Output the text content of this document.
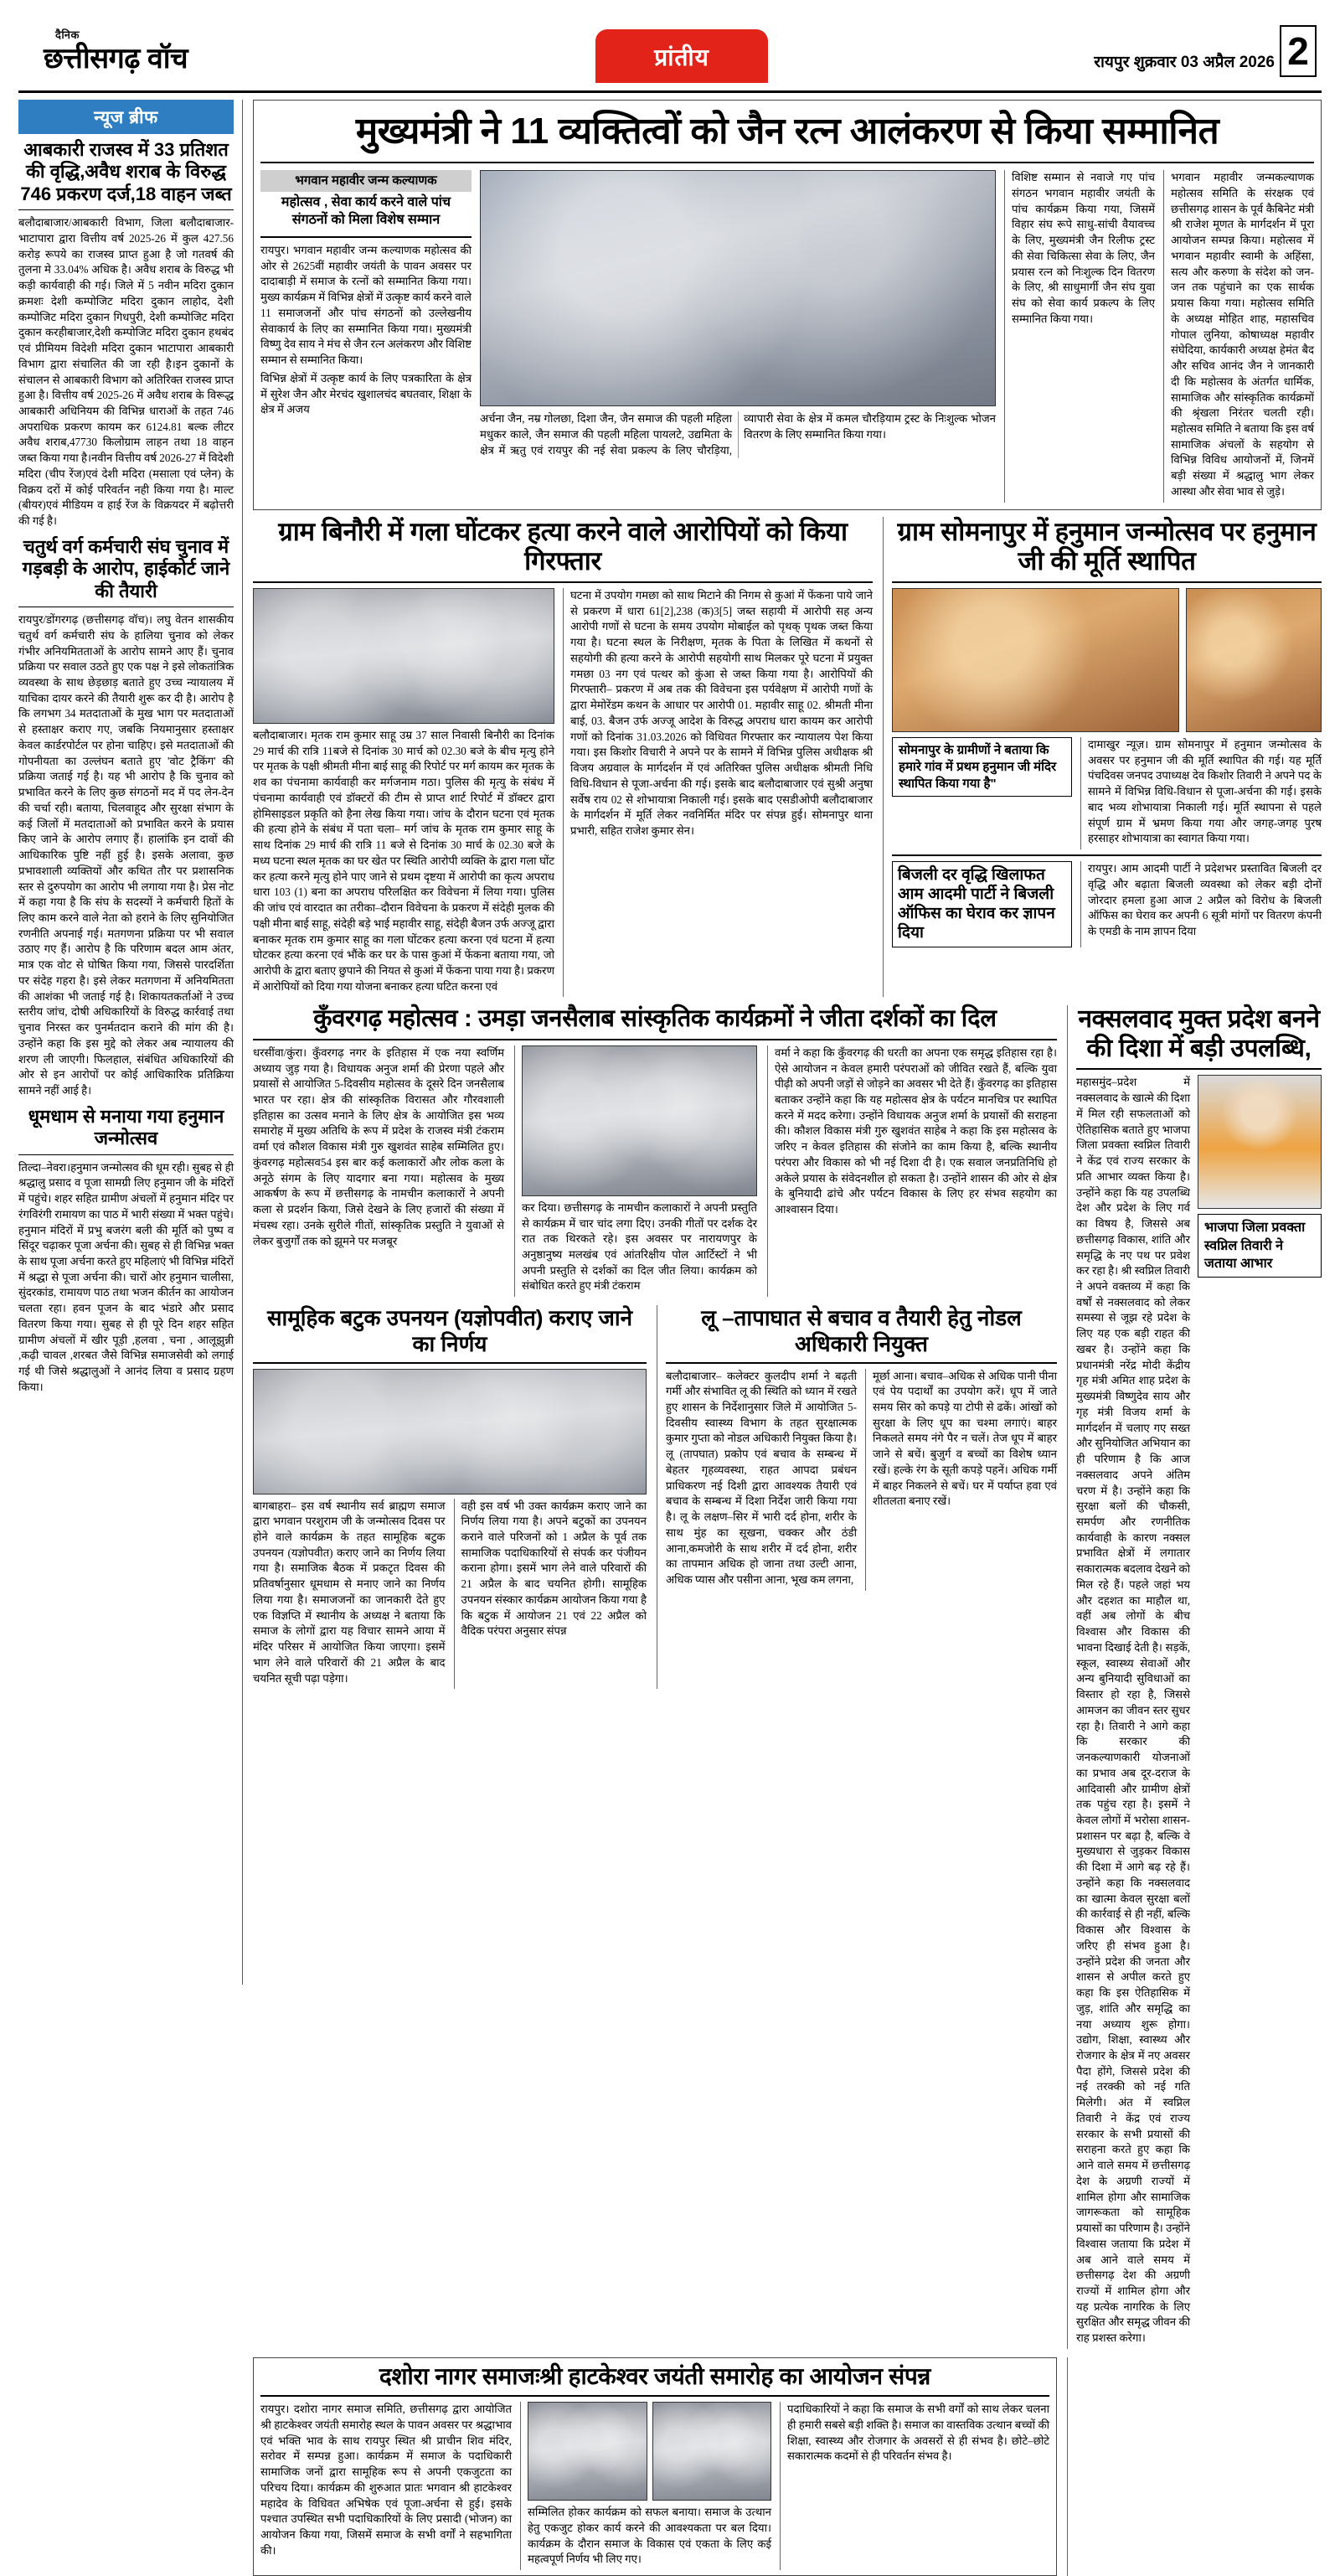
दैनिक
छत्तीसगढ़ वॉच	प्रांतीय	रायपुर शुक्रवार 03 अप्रैल 2026 2
न्यूज ब्रीफ
आबकारी राजस्व में 33 प्रतिशत की वृद्धि,अवैध शराब के विरुद्ध 746 प्रकरण दर्ज,18 वाहन जब्त

बलौदाबाजार/आबकारी विभाग, जिला बलौदाबाजार-भाटापारा द्वारा वित्तीय वर्ष 2025-26 में कुल 427.56 करोड़ रूपये का राजस्व प्राप्त हुआ है जो गतवर्ष की तुलना मे 33.04% अधिक है। अवैध शराब के विरुद्ध भी कड़ी कार्यवाही की गई। जिले में 5 नवीन मदिरा दुकान क्रमशः देशी कम्पोजिट मदिरा दुकान लाहोद, देशी कम्पोजिट मदिरा दुकान गिधपुरी, देशी कम्पोजिट मदिरा दुकान करहीबाजार,देशी कम्पोजिट मदिरा दुकान हथबंद एवं प्रीमियम विदेशी मदिरा दुकान भाटापारा आबकारी विभाग द्वारा संचालित की जा रही है।इन दुकानों के संचालन से आबकारी विभाग को अतिरिक्त राजस्व प्राप्त हुआ है। वित्तीय वर्ष 2025-26 में अवैध शराब के विरूद्ध आबकारी अधिनियम की विभिन्न धाराओं के तहत 746 अपराधिक प्रकरण कायम कर 6124.81 बल्क लीटर अवैध शराब,47730 किलोग्राम लाहन तथा 18 वाहन जब्त किया गया है।नवीन वित्तीय वर्ष 2026-27 में विदेशी मदिरा (चीप रेंज)एवं देशी मदिरा (मसाला एवं प्लेन) के विक्रय दरों में कोई परिवर्तन नही किया गया है। माल्ट (बीयर)एवं मीडियम व हाई रेंज के विक्रयदर में बढ़ोत्तरी की गई है।

चतुर्थ वर्ग कर्मचारी संघ चुनाव में गड़बड़ी के आरोप, हाईकोर्ट जाने की तैयारी

रायपुर/डोंगरगढ़ (छत्तीसगढ़ वॉच)। लघु वेतन शासकीय चतुर्थ वर्ग कर्मचारी संघ के हालिया चुनाव को लेकर गंभीर अनियमितताओं के आरोप सामने आए हैं। चुनाव प्रक्रिया पर सवाल उठते हुए एक पक्ष ने इसे लोकतांत्रिक व्यवस्था के साथ छेड़छाड़ बताते हुए उच्च न्यायालय में याचिका दायर करने की तैयारी शुरू कर दी है। आरोप है कि लगभग 34 मतदाताओं के मुख भाग पर मतदाताओं से हस्ताक्षर कराए गए, जबकि नियमानुसार हस्ताक्षर केवल कार्डरपोर्टल पर होना चाहिए। इसे मतदाताओं की गोपनीयता का उल्लंघन बताते हुए 'वोट ट्रैकिंग' की प्रक्रिया जताई गई है। यह भी आरोप है कि चुनाव को प्रभावित करने के लिए कुछ संगठनों मद में पद लेन-देन की चर्चा रही। बताया, चिलवाहूद और सुरक्षा संभाग के कई जिलों में मतदाताओं को प्रभावित करने के प्रयास किए जाने के आरोप लगाए हैं। हालांकि इन दावों की आधिकारिक पुष्टि नहीं हुई है। इसके अलावा, कुछ प्रभावशाली व्यक्तियों और कथित तौर पर प्रशासनिक स्तर से दुरुपयोग का आरोप भी लगाया गया है। प्रेस नोट में कहा गया है कि संघ के सदस्यों ने कर्मचारी हितों के लिए काम करने वाले नेता को हराने के लिए सुनियोजित रणनीति अपनाई गई। मतगणना प्रक्रिया पर भी सवाल उठाए गए हैं। आरोप है कि परिणाम बदल आम अंतर, मात्र एक वोट से घोषित किया गया, जिससे पारदर्शिता पर संदेह गहरा है। इसे लेकर मतगणना में अनियमितता की आशंका भी जताई गई है। शिकायतकर्ताओं ने उच्च स्तरीय जांच, दोषी अधिकारियों के विरुद्ध कार्रवाई तथा चुनाव निरस्त कर पुनर्मतदान कराने की मांग की है। उन्होंने कहा कि इस मुद्दे को लेकर अब न्यायालय की शरण ली जाएगी। फिलहाल, संबंधित अधिकारियों की ओर से इन आरोपों पर कोई आधिकारिक प्रतिक्रिया सामने नहीं आई है।

धूमधाम से मनाया गया हनुमान जन्मोत्सव

तिल्दा–नेवरा।हनुमान जन्मोत्सव की धूम रही। सुबह से ही श्रद्धालु प्रसाद व पूजा सामग्री लिए हनुमान जी के मंदिरों में पहुंचे। शहर सहित ग्रामीण अंचलों में हनुमान मंदिर पर रंगविरंगी रामायण का पाठ में भारी संख्या में भक्त पहुंचे। हनुमान मंदिरों में प्रभु बजरंग बली की मूर्ति को पुष्प व सिंदूर चढ़ाकर पूजा अर्चना की। सुबह से ही विभिन्न भक्त के साथ पूजा अर्चना करते हुए महिलाएं भी विभिन्न मंदिरों में श्रद्धा से पूजा अर्चना की। चारों ओर हनुमान चालीसा, सुंदरकांड, रामायण पाठ तथा भजन कीर्तन का आयोजन चलता रहा। हवन पूजन के बाद भंडारे और प्रसाद वितरण किया गया। सुबह से ही पूरे दिन शहर सहित ग्रामीण अंचलों में खीर पूड़ी ,हलवा , चना , आलूझुन्नी ,कढ़ी चावल ,शरबत जैसे विभिन्न समाजसेवी को लगाई गई थी जिसे श्रद्धालुओं ने आनंद लिया व प्रसाद ग्रहण किया।

मुख्यमंत्री ने 11 व्यक्तित्वों को जैन रत्न आलंकरण से किया सम्मानित
भगवान महावीर जन्म कल्याणक
महोत्सव , सेवा कार्य करने वाले पांच संगठनों को मिला विशेष सम्मान

रायपुर। भगवान महावीर जन्म कल्याणक महोत्सव की ओर से 2625वीं महावीर जयंती के पावन अवसर पर दादाबाड़ी में समाज के रत्नों को सम्मानित किया गया। मुख्य कार्यक्रम में विभिन्न क्षेत्रों में उत्कृष्ट कार्य करने वाले 11 समाजजनों और पांच संगठनों को उल्लेखनीय सेवाकार्य के लिए का सम्मानित किया गया। मुख्यमंत्री विष्णु देव साय ने मंच से जैन रत्न अलंकरण और विशिष्ट सम्मान से सम्मानित किया।

विभिन्न क्षेत्रों में उत्कृष्ट कार्य के लिए पत्रकारिता के क्षेत्र में सुरेश जैन और मेरचंद खुशालचंद बघतवार, शिक्षा के क्षेत्र में अजय

अर्चना जैन, नम्र गोलछा, दिशा जैन, जैन समाज की पहली महिला मधुकर काले, जैन समाज की पहली महिला पायलटे, उद्यमिता के क्षेत्र में ऋतु एवं रायपुर की नई सेवा प्रकल्प के लिए चौरड़िया, व्यापारी सेवा के क्षेत्र में कमल चौरड़ियाम ट्रस्ट के निःशुल्क भोजन वितरण के लिए सम्मानित किया गया।

विशिष्ट सम्मान से नवाजे गए पांच संगठन भगवान महावीर जयंती के पांच कार्यक्रम किया गया, जिसमें विहार संघ रूपे साधु-सांची वैयावच्च के लिए, मुख्यमंत्री जैन रिलीफ ट्रस्ट की सेवा चिकित्सा सेवा के लिए, जैन प्रयास रत्न को निःशुल्क दिन वितरण के लिए, श्री साधुमार्गी जैन संघ युवा संघ को सेवा कार्य प्रकल्प के लिए सम्मानित किया गया।

भगवान महावीर जन्मकल्याणक महोत्सव समिति के संरक्षक एवं छत्तीसगढ़ शासन के पूर्व कैबिनेट मंत्री श्री राजेश मूणत के मार्गदर्शन में पूरा आयोजन सम्पन्न किया। महोत्सव में भगवान महावीर स्वामी के अहिंसा, सत्य और करुणा के संदेश को जन-जन तक पहुंचाने का एक सार्थक प्रयास किया गया। महोत्सव समिति के अध्यक्ष मोहित शाह, महासचिव गोपाल लुनिया, कोषाध्यक्ष महावीर संघेदिया, कार्यकारी अध्यक्ष हेमंत बैद और सचिव आनंद जैन ने जानकारी दी कि महोत्सव के अंतर्गत धार्मिक, सामाजिक और सांस्कृतिक कार्यक्रमों की श्रृंखला निरंतर चलती रही। महोत्सव समिति ने बताया कि इस वर्ष सामाजिक अंचलों के सहयोग से विभिन्न विविध आयोजनों में, जिनमें बड़ी संख्या में श्रद्धालु भाग लेकर आस्था और सेवा भाव से जुड़े।

ग्राम बिनौरी में गला घोंटकर हत्या करने वाले आरोपियों को किया गिरफ्तार

बलौदाबाजार। मृतक राम कुमार साहू उम्र 37 साल निवासी बिनौरी का दिनांक 29 मार्च की रात्रि 11बजे से दिनांक 30 मार्च को 02.30 बजे के बीच मृत्यु होने पर मृतक के पक्षी श्रीमती मीना बाई साहू की रिपोर्ट पर मर्ग कायम कर मृतक के शव का पंचनामा कार्यवाही कर मर्गजनाम गठा। पुलिस की मृत्यु के संबंध में पंचनामा कार्यवाही एवं डॉक्टरों की टीम से प्राप्त शार्ट रिपोर्ट में डॉक्टर द्वारा होमिसाइडल प्रकृति को हैना लेख किया गया। जांच के दौरान घटना एवं मृतक की हत्या होने के संबंध में पता चला– मर्ग जांच के मृतक राम कुमार साहू के साथ दिनांक 29 मार्च की रात्रि 11 बजे से दिनांक 30 मार्च के 02.30 बजे के मध्य घटना स्थल मृतक का घर खेत पर स्थिति आरोपी व्यक्ति के द्वारा गला घोंट कर हत्या करने मृत्यु होने पाए जाने से प्रथम दृष्टया में आरोपी का कृत्य अपराध धारा 103 (1) बना का अपराध परिलक्षित कर विवेचना में लिया गया। पुलिस की जांच एवं वारदात का तरीका–दौरान विवेचना के प्रकरण में संदेही मुलक की पक्षी मीना बाई साहू, संदेही बड़े भाई महावीर साहू, संदेही बैजन उर्फ अज्जू द्वारा बनाकर मृतक राम कुमार साहू का गला घोंटकर हत्या करना एवं घटना में हत्या घोटकर हत्या करना एवं भौंके कर घर के पास कुआं में फेंकना बताया गया, जो आरोपी के द्वारा बताए छुपाने की नियत से कुआं में फेंकना पाया गया है। प्रकरण में आरोपियों को दिया गया योजना बनाकर हत्या घटित करना एवं

घटना में उपयोग गमछा को साथ मिटाने की निगम से कुआं में फेंकना पाये जाने से प्रकरण में धारा 61[2],238 (क)3[5] जब्त सहायी में आरोपी सह अन्य आरोपी गणों से घटना के समय उपयोग मोबाईल को पृथक् पृथक जब्त किया गया है। घटना स्थल के निरीक्षण, मृतक के पिता के लिखित में कथनों से सहयोगी की हत्या करने के आरोपी सहयोगी साथ मिलकर पूरे घटना में प्रयुक्त गमछा 03 नग एवं पत्थर को कुंआ से जब्त किया गया है। आरोपियों की गिरफ्तारी– प्रकरण में अब तक की विवेचना इस पर्यवेक्षण में आरोपी गणों के द्वारा मेमोरेंडम कथन के आधार पर आरोपी 01. महावीर साहू 02. श्रीमती मीना बाई, 03. बैजन उर्फ अज्जू आदेश के विरुद्ध अपराध धारा कायम कर आरोपी गणों को दिनांक 31.03.2026 को विधिवत गिरफ्तार कर न्यायालय पेश किया गया। इस किशोर विचारी ने अपने पर के सामने में विभिन्न पुलिस अधीक्षक श्री विजय अग्रवाल के मार्गदर्शन में एवं अतिरिक्त पुलिस अधीक्षक श्रीमती निधि विधि-विधान से पूजा-अर्चना की गई। इसके बाद बलौदाबाजार एवं सुश्री अनुषा सर्वेष राय 02 से शोभायात्रा निकाली गई। इसके बाद एसडीओपी बलौदाबाजार के मार्गदर्शन में मूर्ति लेकर नवनिर्मित मंदिर पर संपन्न हुई। सोमनापुर थाना प्रभारी, सहित राजेश कुमार सेन।

ग्राम सोमनापुर में हनुमान जन्मोत्सव पर हनुमान जी की मूर्ति स्थापित
सोमनापुर के ग्रामीणों ने बताया कि हमारे गांव में प्रथम हनुमान जी मंदिर स्थापित किया गया है"

दामाखुर न्यूज़। ग्राम सोमनापुर में हनुमान जन्मोत्सव के अवसर पर हनुमान जी की मूर्ति स्थापित की गई। यह मूर्ति पंचदिवस जनपद उपाध्यक्ष देव किशोर तिवारी ने अपने पद के सामने में विभिन्न विधि-विधान से पूजा-अर्चना की गई। इसके बाद भव्य शोभायात्रा निकाली गई। मूर्ति स्थापना से पहले संपूर्ण ग्राम में भ्रमण किया गया और जगह-जगह पुरष हरसाहर शोभायात्रा का स्वागत किया गया।

बिजली दर वृद्धि खिलाफत आम आदमी पार्टी ने बिजली ऑफिस का घेराव कर ज्ञापन दिया

रायपुर। आम आदमी पार्टी ने प्रदेशभर प्रस्तावित बिजली दर वृद्धि और बढ़ाता बिजली व्यवस्था को लेकर बड़ी दोनों जोरदार हमला हुआ आज 2 अप्रैल को विरोध के बिजली ऑफिस का घेराव कर अपनी 6 सूत्री मांगों पर वितरण कंपनी के एमडी के नाम ज्ञापन दिया

कुँवरगढ़ महोत्सव : उमड़ा जनसैलाब सांस्कृतिक कार्यक्रमों ने जीता दर्शकों का दिल

धरसींवा/कुंरा। कुँवरगढ़ नगर के इतिहास में एक नया स्वर्णिम अध्याय जुड़ गया है। विधायक अनुज शर्मा की प्रेरणा पहले और प्रयासों से आयोजित 5-दिवसीय महोत्सव के दूसरे दिन जनसैलाब भारत पर रहा। क्षेत्र की सांस्कृतिक विरासत और गौरवशाली इतिहास का उत्सव मनाने के लिए क्षेत्र के आयोजित इस भव्य समारोह में मुख्य अतिथि के रूप में प्रदेश के राजस्व मंत्री टंकराम वर्मा एवं कौशल विकास मंत्री गुरु खुशवंत साहेब सम्मिलित हुए। कुंवरगढ़ महोत्सव54 इस बार कई कलाकारों और लोक कला के अनूठे संगम के लिए यादगार बना गया। महोत्सव के मुख्य आकर्षण के रूप में छत्तीसगढ़ के नामचीन कलाकारों ने अपनी कला से प्रदर्शन किया, जिसे देखने के लिए हजारों की संख्या में मंचस्थ रहा। उनके सुरीले गीतों, सांस्कृतिक प्रस्तुति ने युवाओं से लेकर बुजुर्गों तक को झूमने पर मजबूर

कर दिया। छत्तीसगढ़ के नामचीन कलाकारों ने अपनी प्रस्तुति से कार्यक्रम में चार चांद लगा दिए। उनकी गीतों पर दर्शक देर रात तक थिरकते रहे। इस अवसर पर नारायणपुर के अनुष्ठानुष्य मलखंब एवं आंतरिक्षीय पोल आर्टिस्टों ने भी अपनी प्रस्तुति से दर्शकों का दिल जीत लिया। कार्यक्रम को संबोधित करते हुए मंत्री टंकराम

वर्मा ने कहा कि कुँवरगढ़ की धरती का अपना एक समृद्ध इतिहास रहा है। ऐसे आयोजन न केवल हमारी परंपराओं को जीवित रखते हैं, बल्कि युवा पीढ़ी को अपनी जड़ों से जोड़ने का अवसर भी देते हैं। कुँवरगढ़ का इतिहास बताकर उन्होंने कहा कि यह महोत्सव क्षेत्र के पर्यटन मानचित्र पर स्थापित करने में मदद करेगा। उन्होंने विधायक अनुज शर्मा के प्रयासों की सराहना की। कौशल विकास मंत्री गुरु खुशवंत साहेब ने कहा कि इस महोत्सव के जरिए न केवल इतिहास की संजोने का काम किया है, बल्कि स्थानीय परंपरा और विकास को भी नई दिशा दी है। एक सवाल जनप्रतिनिधि हो अकेले प्रयास के संवेदनशील हो सकता है। उन्होंने शासन की ओर से क्षेत्र के बुनियादी ढांचे और पर्यटन विकास के लिए हर संभव सहयोग का आश्वासन दिया।

सामूहिक बटुक उपनयन (यज्ञोपवीत) कराए जाने का निर्णय

बागबाहरा– इस वर्ष स्थानीय सर्व ब्राह्मण समाज द्वारा भगवान परशुराम जी के जन्मोत्सव दिवस पर होने वाले कार्यक्रम के तहत सामूहिक बटुक उपनयन (यज्ञोपवीत) कराए जाने का निर्णय लिया गया है। समाजिक बैठक में प्रकटृत दिवस की प्रतिवर्षानुसार धूमधाम से मनाए जाने का निर्णय लिया गया है। समाजजनों का जानकारी देते हुए एक विज्ञप्ति में स्थानीय के अध्यक्ष ने बताया कि समाज के लोगों द्वारा यह विचार सामने आया में मंदिर परिसर में आयोजित किया जाएगा। इसमें भाग लेने वाले परिवारों की 21 अप्रैल के बाद चयनित सूची पढ़ा पड़ेगा।

वही इस वर्ष भी उक्त कार्यक्रम कराए जाने का निर्णय लिया गया है। अपने बटुकों का उपनयन कराने वाले परिजनों को 1 अप्रैल के पूर्व तक सामाजिक पदाधिकारियों से संपर्क कर पंजीयन कराना होगा। इसमें भाग लेने वाले परिवारों की 21 अप्रैल के बाद चयनित होगी। सामूहिक उपनयन संस्कार कार्यक्रम आयोजन किया गया है कि बटुक में आयोजन 21 एवं 22 अप्रैल को वैदिक परंपरा अनुसार संपन्न

लू –तापाघात से बचाव व तैयारी हेतु नोडल अधिकारी नियुक्त

बलौदाबाजार– कलेक्टर कुलदीप शर्मा ने बढ़ती गर्मी और संभावित लू की स्थिति को ध्यान में रखते हुए शासन के निर्देशानुसार जिले में आयोजित 5-दिवसीय स्वास्थ्य विभाग के तहत सुरक्षात्मक कुमार गुप्ता को नोडल अधिकारी नियुक्त किया है। लू (तापघात) प्रकोप एवं बचाव के सम्बन्ध में बेहतर गृहव्यवस्था, राहत आपदा प्रबंधन प्राधिकरण नई दिशी द्वारा आवश्यक तैयारी एवं बचाव के सम्बन्ध में दिशा निर्देश जारी किया गया है। लू के लक्षण–सिर में भारी दर्द होना, शरीर के साथ मुंह का सूखना, चक्कर और ठंडी आना,कमजोरी के साथ शरीर में दर्द होना, शरीर का तापमान अधिक हो जाना तथा उल्टी आना, अधिक प्यास और पसीना आना, भूख कम लगना,

मूर्छा आना। बचाव–अधिक से अधिक पानी पीना एवं पेय पदार्थों का उपयोग करें। धूप में जाते समय सिर को कपड़े या टोपी से ढकें। आंखों को सुरक्षा के लिए धूप का चश्मा लगाएं। बाहर निकलते समय नंगे पैर न चलें। तेज धूप में बाहर जाने से बचें। बुजुर्ग व बच्चों का विशेष ध्यान रखें। हल्के रंग के सूती कपड़े पहनें। अधिक गर्मी में बाहर निकलने से बचें। घर में पर्याप्त हवा एवं शीतलता बनाए रखें।

नक्सलवाद मुक्त प्रदेश बनने की दिशा में बड़ी उपलब्धि,

महासमुंद–प्रदेश में नक्सलवाद के खात्मे की दिशा में मिल रही सफलताओं को ऐतिहासिक बताते हुए भाजपा जिला प्रवक्ता स्वप्निल तिवारी ने केंद्र एवं राज्य सरकार के प्रति आभार व्यक्त किया है। उन्होंने कहा कि यह उपलब्धि देश और प्रदेश के लिए गर्व का विषय है, जिससे अब छत्तीसगढ़ विकास, शांति और समृद्धि के नए पथ पर प्रवेश कर रहा है। श्री स्वप्निल तिवारी ने अपने वक्तव्य में कहा कि वर्षों से नक्सलवाद को लेकर समस्या से जूझ रहे प्रदेश के लिए यह एक बड़ी राहत की खबर है। उन्होंने कहा कि प्रधानमंत्री नरेंद्र मोदी केंद्रीय गृह मंत्री अमित शाह प्रदेश के मुख्यमंत्री विष्णुदेव साय और गृह मंत्री विजय शर्मा के मार्गदर्शन में चलाए गए सख्त और सुनियोजित अभियान का ही परिणाम है कि आज नक्सलवाद अपने अंतिम चरण में है। उन्होंने कहा कि सुरक्षा बलों की चौकसी, समर्पण और रणनीतिक कार्यवाही के कारण नक्सल प्रभावित क्षेत्रों में लगातार सकारात्मक बदलाव देखने को मिल रहे हैं। पहले जहां भय और दहशत का माहौल था, वहीं अब लोगों के बीच विश्वास और विकास की भावना दिखाई देती है। सड़कें, स्कूल, स्वास्थ्य सेवाओं और अन्य बुनियादी सुविधाओं का विस्तार हो रहा है, जिससे आमजन का जीवन स्तर सुधर रहा है। तिवारी ने आगे कहा कि सरकार की जनकल्याणकारी योजनाओं का प्रभाव अब दूर-दराज के आदिवासी और ग्रामीण क्षेत्रों तक पहुंच रहा है। इसमें ने केवल लोगों में भरोसा शासन-प्रशासन पर बढ़ा है, बल्कि वे मुख्यधारा से जुड़कर विकास की दिशा में आगे बढ़ रहे हैं। उन्होंने कहा कि नक्सलवाद का खात्मा केवल सुरक्षा बलों की कार्रवाई से ही नहीं, बल्कि विकास और विश्वास के जरिए ही संभव हुआ है। उन्होंने प्रदेश की जनता और शासन से अपील करते हुए कहा कि इस ऐतिहासिक में जुड़, शांति और समृद्धि का नया अध्याय शुरू होगा। उद्योग, शिक्षा, स्वास्थ्य और रोजगार के क्षेत्र में नए अवसर पैदा होंगे, जिससे प्रदेश की नई तरक्की को नई गति मिलेगी। अंत में स्वप्निल तिवारी ने केंद्र एवं राज्य सरकार के सभी प्रयासों की सराहना करते हुए कहा कि आने वाले समय में छत्तीसगढ़ देश के अग्रणी राज्यों में शामिल होगा और सामाजिक जागरूकता को सामूहिक प्रयासों का परिणाम है। उन्होंने विश्वास जताया कि प्रदेश में अब आने वाले समय में छत्तीसगढ़ देश की अग्रणी राज्यों में शामिल होगा और यह प्रत्येक नागरिक के लिए सुरक्षित और समृद्ध जीवन की राह प्रशस्त करेगा।

भाजपा जिला प्रवक्ता स्वप्निल तिवारी ने जताया आभार
दशोरा नागर समाजःश्री हाटकेश्वर जयंती समारोह का आयोजन संपन्न

रायपुर। दशोरा नागर समाज समिति, छत्तीसगढ़ द्वारा आयोजित श्री हाटकेश्वर जयंती समारोह स्थल के पावन अवसर पर श्रद्धाभाव एवं भक्ति भाव के साथ रायपुर स्थित श्री प्राचीन शिव मंदिर, सरोवर में सम्पन्न हुआ। कार्यक्रम में समाज के पदाधिकारी सामाजिक जनों द्वारा सामूहिक रूप से अपनी एकजुटता का परिचय दिया। कार्यक्रम की शुरुआत प्रातः भगवान श्री हाटकेश्वर महादेव के विधिवत अभिषेक एवं पूजा-अर्चना से हुई। इसके पश्चात उपस्थित सभी पदाधिकारियों के लिए प्रसादी (भोजन) का आयोजन किया गया, जिसमें समाज के सभी वर्गों ने सहभागिता की।

सम्मिलित होकर कार्यक्रम को सफल बनाया। समाज के उत्थान हेतु एकजुट होकर कार्य करने की आवश्यकता पर बल दिया। कार्यक्रम के दौरान समाज के विकास एवं एकता के लिए कई महत्वपूर्ण निर्णय भी लिए गए।

पदाधिकारियों ने कहा कि समाज के सभी वर्गों को साथ लेकर चलना ही हमारी सबसे बड़ी शक्ति है। समाज का वास्तविक उत्थान बच्चों की शिक्षा, स्वास्थ्य और रोजगार के अवसरों से ही संभव है। छोटे–छोटे सकारात्मक कदमों से ही परिवर्तन संभव है।
